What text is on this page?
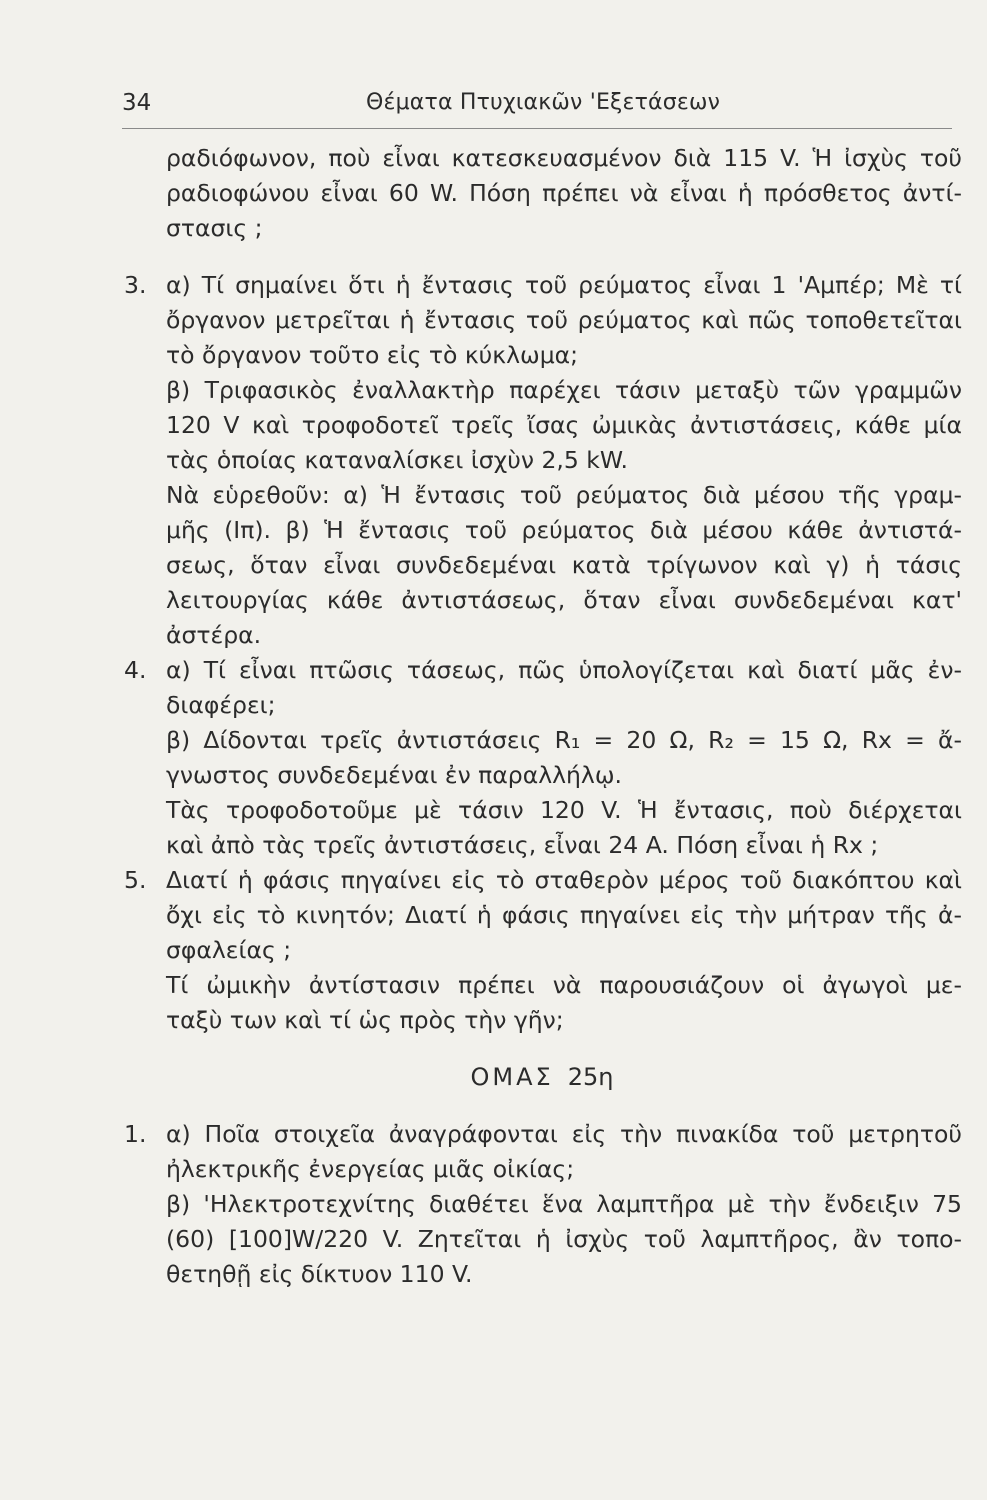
34	Θέματα Πτυχιακῶν 'Εξετάσεων
ραδιόφωνον, ποὺ εἶναι κατεσκευασμένον διὰ 115 V. Ἡ ἰσχὺς τοῦ
ραδιοφώνου εἶναι 60 W. Πόση πρέπει νὰ εἶναι ἡ πρόσθετος ἀντί-
στασις ;
3. α) Τί σημαίνει ὅτι ἡ ἔντασις τοῦ ρεύματος εἶναι 1 'Αμπέρ; Μὲ τί
ὄργανον μετρεῖται ἡ ἔντασις τοῦ ρεύματος καὶ πῶς τοποθετεῖται
τὸ ὄργανον τοῦτο εἰς τὸ κύκλωμα;
β) Τριφασικὸς ἐναλλακτὴρ παρέχει τάσιν μεταξὺ τῶν γραμμῶν
120 V καὶ τροφοδοτεῖ τρεῖς ἴσας ὠμικὰς ἀντιστάσεις, κάθε μία
τὰς ὁποίας καταναλίσκει ἰσχὺν 2,5 kW.
Νὰ εὑρεθοῦν: α) Ἡ ἔντασις τοῦ ρεύματος διὰ μέσου τῆς γραμ-
μῆς (Iπ). β) Ἡ ἔντασις τοῦ ρεύματος διὰ μέσου κάθε ἀντιστά-
σεως, ὅταν εἶναι συνδεδεμέναι κατὰ τρίγωνον καὶ γ) ἡ τάσις
λειτουργίας κάθε ἀντιστάσεως, ὅταν εἶναι συνδεδεμέναι κατ'
ἀστέρα.
4. α) Τί εἶναι πτῶσις τάσεως, πῶς ὑπολογίζεται καὶ διατί μᾶς ἐν-
διαφέρει;
β) Δίδονται τρεῖς ἀντιστάσεις R₁ = 20 Ω, R₂ = 15 Ω, Rx = ἄ-
γνωστος συνδεδεμέναι ἐν παραλλήλῳ.
Τὰς τροφοδοτοῦμε μὲ τάσιν 120 V. Ἡ ἔντασις, ποὺ διέρχεται
καὶ ἀπὸ τὰς τρεῖς ἀντιστάσεις, εἶναι 24 A. Πόση εἶναι ἡ Rx ;
5. Διατί ἡ φάσις πηγαίνει εἰς τὸ σταθερὸν μέρος τοῦ διακόπτου καὶ
ὄχι εἰς τὸ κινητόν; Διατί ἡ φάσις πηγαίνει εἰς τὴν μήτραν τῆς ἀ-
σφαλείας ;
Τί ὠμικὴν ἀντίστασιν πρέπει νὰ παρουσιάζουν οἱ ἀγωγοὶ με-
ταξὺ των καὶ τί ὡς πρὸς τὴν γῆν;
ΟΜΑΣ 25η
1. α) Ποῖα στοιχεῖα ἀναγράφονται εἰς τὴν πινακίδα τοῦ μετρητοῦ
ἠλεκτρικῆς ἐνεργείας μιᾶς οἰκίας;
β) 'Ηλεκτροτεχνίτης διαθέτει ἕνα λαμπτῆρα μὲ τὴν ἔνδειξιν 75
(60) [100]W/220 V. Ζητεῖται ἡ ἰσχὺς τοῦ λαμπτῆρος, ἂν τοπο-
θετηθῇ εἰς δίκτυον 110 V.
